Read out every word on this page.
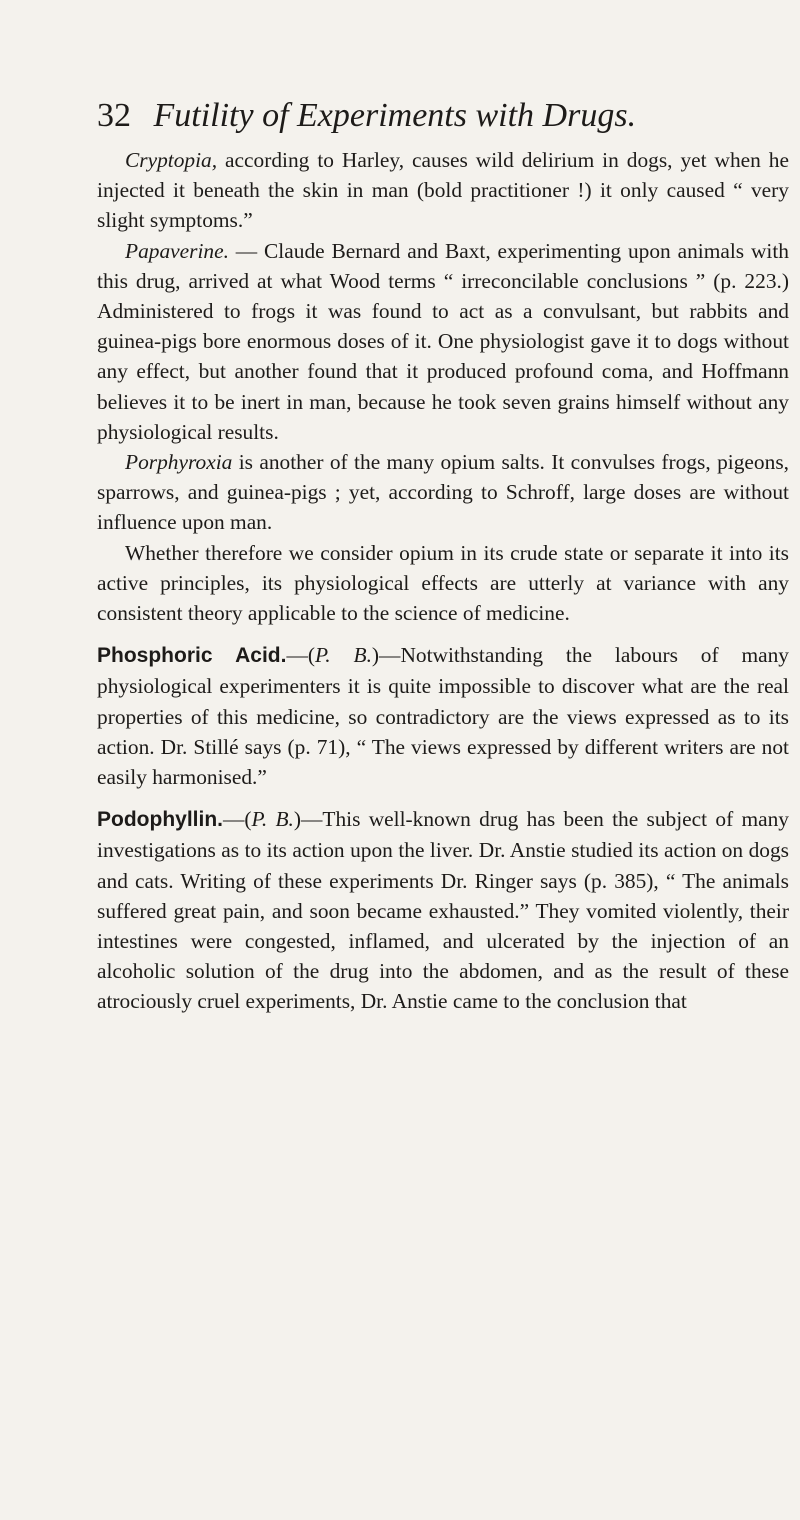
32 Futility of Experiments with Drugs.

Cryptopia, according to Harley, causes wild delirium in dogs, yet when he injected it beneath the skin in man (bold practitioner !) it only caused “ very slight symptoms.”

Papaverine. — Claude Bernard and Baxt, experimenting upon animals with this drug, arrived at what Wood terms “ irreconcilable conclusions ” (p. 223.) Administered to frogs it was found to act as a convulsant, but rabbits and guinea-pigs bore enormous doses of it. One physiologist gave it to dogs without any effect, but another found that it produced profound coma, and Hoffmann believes it to be inert in man, because he took seven grains himself without any physiological results.

Porphyroxia is another of the many opium salts. It convulses frogs, pigeons, sparrows, and guinea-pigs ; yet, according to Schroff, large doses are without influence upon man.

Whether therefore we consider opium in its crude state or separate it into its active principles, its physiological effects are utterly at variance with any consistent theory applicable to the science of medicine.

Phosphoric Acid.—(P. B.)—Notwithstanding the labours of many physiological experimenters it is quite impossible to discover what are the real properties of this medicine, so contradictory are the views expressed as to its action. Dr. Stillé says (p. 71), “ The views expressed by different writers are not easily harmonised.”

Podophyllin.—(P. B.)—This well-known drug has been the subject of many investigations as to its action upon the liver. Dr. Anstie studied its action on dogs and cats. Writing of these experiments Dr. Ringer says (p. 385), “ The animals suffered great pain, and soon became exhausted.” They vomited violently, their intestines were congested, inflamed, and ulcerated by the injection of an alcoholic solution of the drug into the abdomen, and as the result of these atrociously cruel experiments, Dr. Anstie came to the conclusion that
